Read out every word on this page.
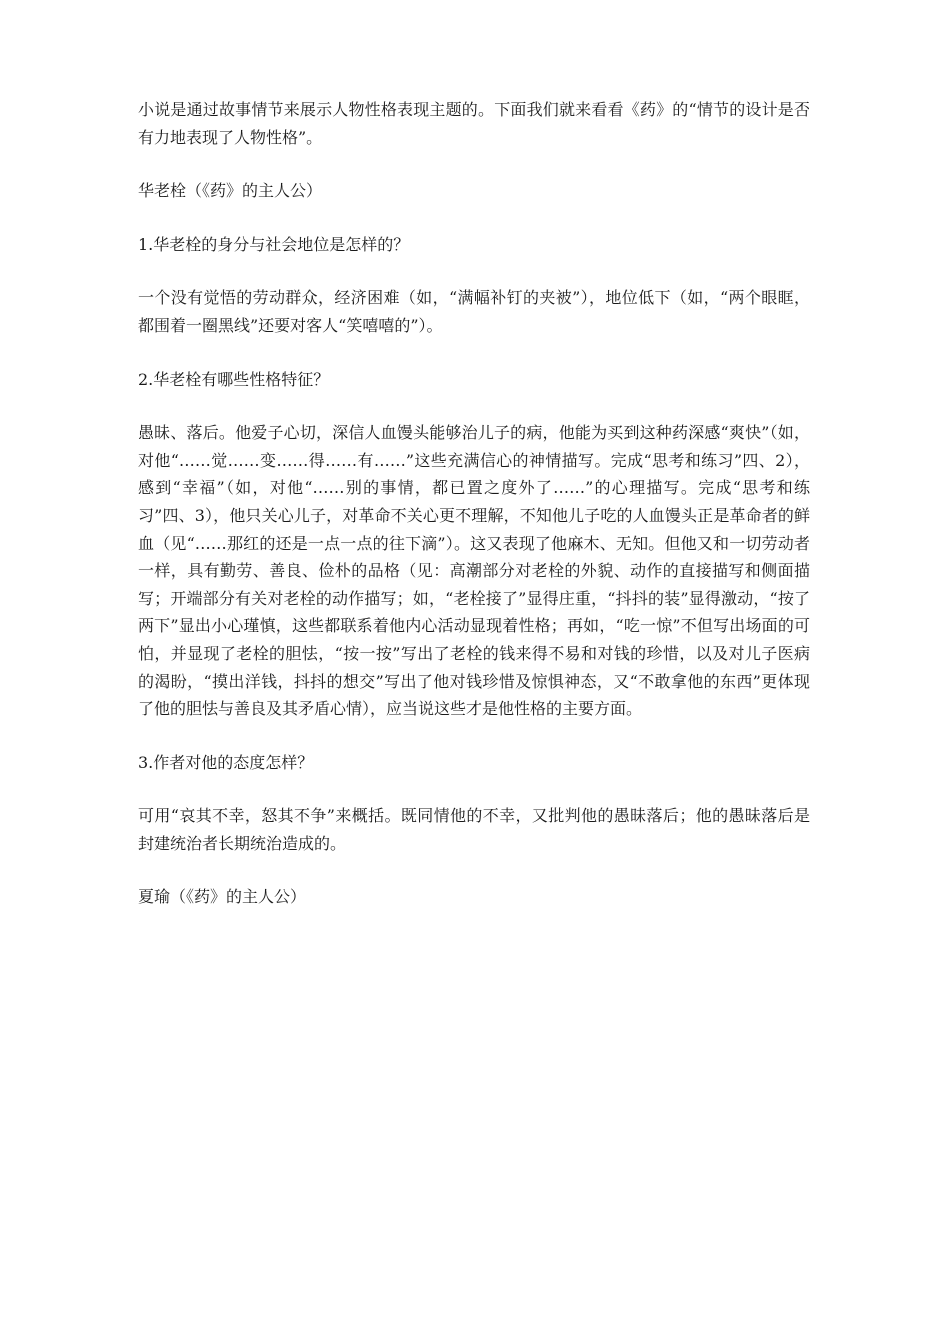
小说是通过故事情节来展示人物性格表现主题的。下面我们就来看看《药》的“情节的设计是否有力地表现了人物性格”。

华老栓（《药》的主人公）

1.华老栓的身分与社会地位是怎样的？

一个没有觉悟的劳动群众，经济困难（如，“满幅补钉的夹被”），地位低下（如，“两个眼眶，都围着一圈黑线”还要对客人“笑嘻嘻的”）。

2.华老栓有哪些性格特征？

愚昧、落后。他爱子心切，深信人血馒头能够治儿子的病，他能为买到这种药深感“爽快”（如，对他“……觉……变……得……有……”这些充满信心的神情描写。完成“思考和练习”四、2），感到“幸福”（如，对他“……别的事情，都已置之度外了……”的心理描写。完成“思考和练习”四、3），他只关心儿子，对革命不关心更不理解，不知他儿子吃的人血馒头正是革命者的鲜血（见“……那红的还是一点一点的往下滴”）。这又表现了他麻木、无知。但他又和一切劳动者一样，具有勤劳、善良、俭朴的品格（见：高潮部分对老栓的外貌、动作的直接描写和侧面描写；开端部分有关对老栓的动作描写；如，“老栓接了”显得庄重，“抖抖的装”显得激动，“按了两下”显出小心瑾慎，这些都联系着他内心活动显现着性格；再如，“吃一惊”不但写出场面的可怕，并显现了老栓的胆怯，“按一按”写出了老栓的钱来得不易和对钱的珍惜，以及对儿子医病的渴盼，“摸出洋钱，抖抖的想交”写出了他对钱珍惜及惊惧神态，又“不敢拿他的东西”更体现了他的胆怯与善良及其矛盾心情），应当说这些才是他性格的主要方面。

3.作者对他的态度怎样？

可用“哀其不幸，怒其不争”来概括。既同情他的不幸，又批判他的愚昧落后；他的愚昧落后是封建统治者长期统治造成的。

夏瑜（《药》的主人公）
